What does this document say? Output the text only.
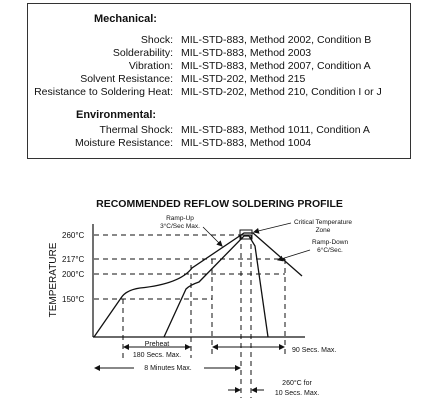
Mechanical:
Shock: MIL-STD-883, Method 2002, Condition B
Solderability: MIL-STD-883, Method 2003
Vibration: MIL-STD-883, Method 2007, Condition A
Solvent Resistance: MIL-STD-202, Method 215
Resistance to Soldering Heat: MIL-STD-202, Method 210, Condition I or J
Environmental:
Thermal Shock: MIL-STD-883, Method 1011, Condition A
Moisture Resistance: MIL-STD-883, Method 1004
RECOMMENDED REFLOW SOLDERING PROFILE
TEMPERATURE
260°C
217°C
200°C
150°C
Ramp-Up
3°C/Sec Max.
Critical Temperature
Zone
Ramp-Down
6°C/Sec.
Preheat
180 Secs. Max.
90 Secs. Max.
8 Minutes Max.
260°C for
10 Secs. Max.
